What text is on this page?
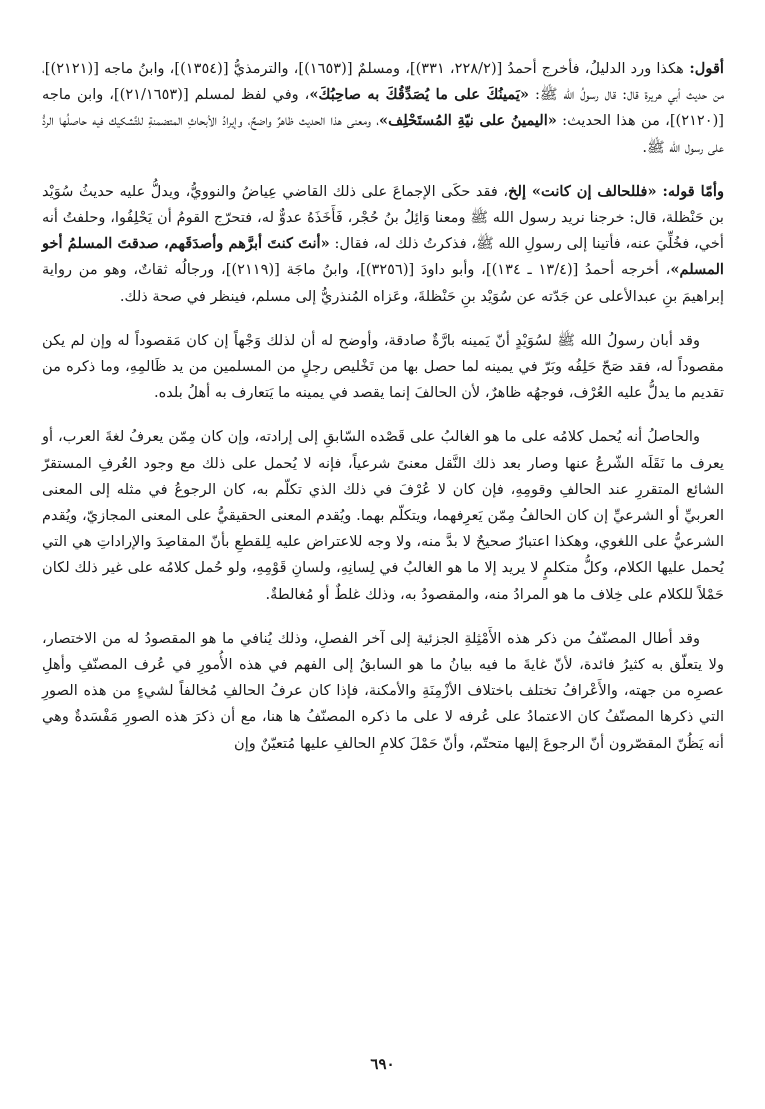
أقول: هكذا ورد الدليلُ، فأخرج أحمدُ [(٢٢٨/٢، ٣٣١)]، ومسلمٌ [(١٦٥٣)]، والترمذيُّ [(١٣٥٤)]، وابنُ ماجه [(٢١٢١)]، من حديث أبي هريرة قال: قال رسولُ الله ﷺ: «يَمينُكَ على ما يُصَدِّقُكَ به صاحِبُكَ»، وفي لفظ لمسلم [(٢١/١٦٥٣)]، وابن ماجه [(٢١٢٠)]، من هذا الحديث: «اليمينُ على نيّةِ المُستَحْلِف»، ومعنى هذا الحديث ظاهرٌ واضحٌ، وإيرادُ الأبحاثِ المتضمنةِ للتَّشكيك فيه حاصلُها الردُّ على رسول الله ﷺ.

وأمّا قوله: «فللحالف إن كانت» إلخ، فقد حكَى الإجماعَ على ذلك القاضي عِياضُ والنوويُّ، ويدلُّ عليه حديثُ سُوَيْد بن حَنْظلة، قال: خرجنا نريد رسول الله ﷺ ومعنا وَائِلُ بنُ حُجْر، فَأَخَذَهُ عدوٌّ له، فتحرّج القومُ أن يَحْلِفُوا، وحلفتُ أنه أخي، فخُلِّيَ عنه، فأتينا إلى رسولِ الله ﷺ، فذكرتُ ذلك له، فقال: «أنتَ كنتَ أبرَّهم وأصدَقَهم، صدقتَ المسلمُ أخو المسلم»، أخرجه أحمدُ [(١٣/٤ ـ ١٣٤)]، وأبو داودَ [(٣٢٥٦)]، وابنُ ماجَة [(٢١١٩)]، ورجالُه ثقاتٌ، وهو من رواية إبراهيمَ بنِ عبدالأعلى عن جَدّته عن سُوَيْد بنِ حَنْظلةَ، وعَزاه المُنذريُّ إلى مسلم، فينظر في صحة ذلك.

وقد أبان رسولُ الله ﷺ لسُوَيْدٍ أنّ يَمينه بارَّةٌ صادقة، وأوضح له أن لذلك وَجْهاً إن كان مَقصوداً له وإن لم يكن مقصوداً له، فقد صَحّ حَلِفُه وبَرّ في يمينه لما حصل بها من تَخْليص رجلٍ من المسلمين من يد ظَالمِهِ، وما ذكره من تقديم ما يدلُّ عليه العُرْف، فوجهُه ظاهرٌ، لأن الحالفَ إنما يقصد في يمينه ما يَتعارف به أهلُ بلده.

والحاصلُ أنه يُحمل كلامُه على ما هو الغالبُ على قَصْده السّابقِ إلى إرادته، وإن كان مِمّن يعرفُ لغةَ العرب، أو يعرف ما نَقَلَه الشّرعُ عنها وصار بعد ذلك النَّقل معنىً شرعياً، فإنه لا يُحمل على ذلك مع وجود العُرفِ المستقرّ الشائع المتقررِ عند الحالفِ وقومِهِ، فإن كان لا عُرْفَ في ذلك الذي تكلّم به، كان الرجوعُ في مثله إلى المعنى العربيِّ أو الشرعيِّ إن كان الحالفُ مِمّن يَعرِفهما، ويتكلّم بهما. ويُقدم المعنى الحقيقيُّ على المعنى المجازيّ، ويُقدم الشرعيُّ على اللغوي، وهكذا اعتبارٌ صحيحٌ لا بدَّ منه، ولا وجه للاعتراض عليه لِلقطعِ بأنّ المقاصِدَ والإراداتِ هي التي يُحمل عليها الكلام، وكلُّ متكلمٍ لا يريد إلا ما هو الغالبُ في لِسانِهِ، ولسانِ قَوْمِهِ، ولو حُمل كلامُه على غير ذلك لكان حَمْلاً للكلام على خِلاف ما هو المرادُ منه، والمقصودُ به، وذلك غلطٌ أو مُغالطةٌ.

وقد أطال المصنّفُ من ذكر هذه الأَمْثِلةِ الجزئية إلى آخر الفصلِ، وذلك يُنافي ما هو المقصودُ له من الاختصار، ولا يتعلّق به كثيرُ فائدة، لأنّ غايةَ ما فيه بيانُ ما هو السابقُ إلى الفهم في هذه الأُمورِ في عُرف المصنّفِ وأهلِ عصرِه من جهته، والأَعْرافُ تختلف باختلاف الأزْمِنَةِ والأمكنة، فإذا كان عرفُ الحالفِ مُخالفاً لشيءٍ من هذه الصورِ التي ذكرها المصنّفُ كان الاعتمادُ على عُرفه لا على ما ذكره المصنّفُ ها هنا، مع أن ذكرَ هذه الصورِ مَفْسَدةٌ وهي أنه يَظُنّ المقصّرون أنّ الرجوعَ إليها متحتّم، وأنّ حَمْلَ كلامِ الحالفِ عليها مُتعيّنٌ وإن

٦٩٠
